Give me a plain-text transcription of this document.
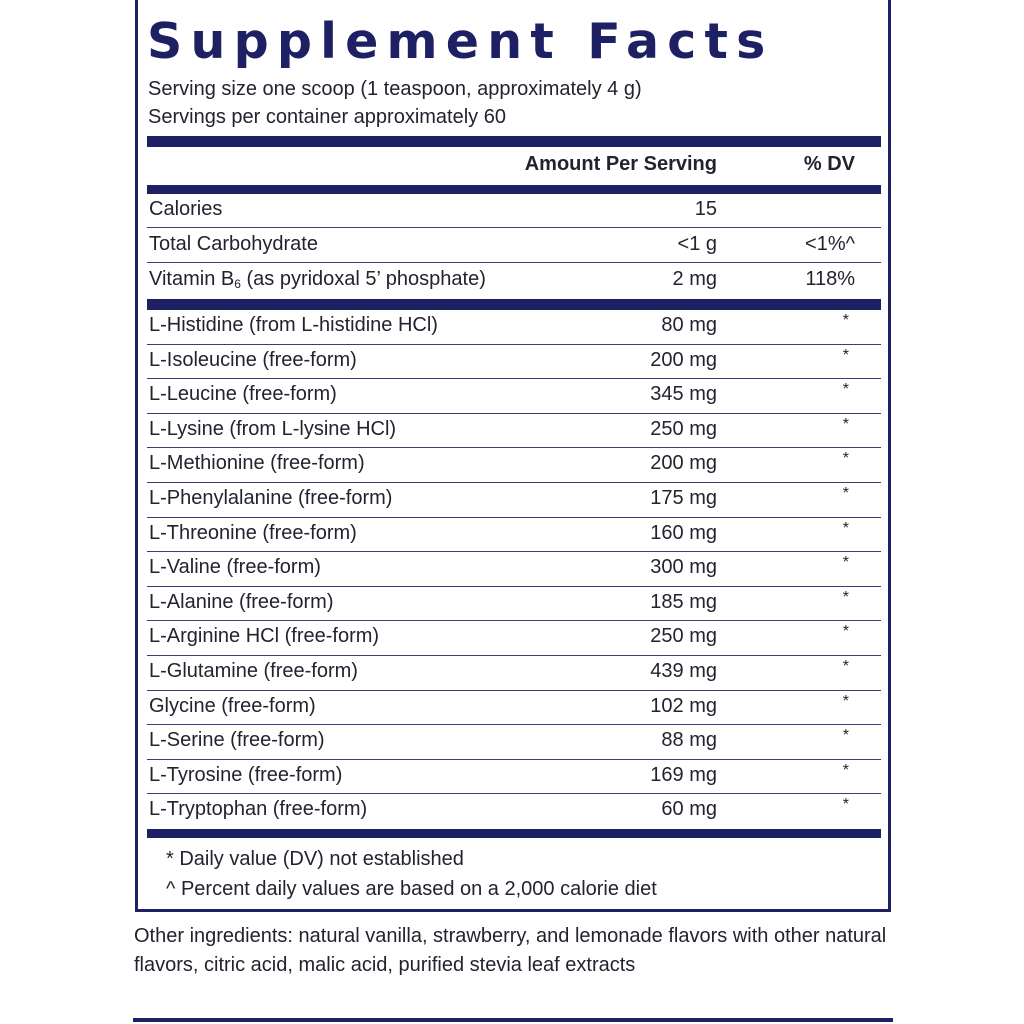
Supplement Facts
Serving size one scoop (1 teaspoon, approximately 4 g)
Servings per container approximately 60
Amount Per Serving	% DV
Calories	15
Total Carbohydrate	<1 g	<1%^
Vitamin $B_6$ (as pyridoxal 5’ phosphate)	2 mg	118%
L-Histidine (from L-histidine HCl)	80 mg	*
L-Isoleucine (free-form)	200 mg	*
L-Leucine (free-form)	345 mg	*
L-Lysine (from L-lysine HCl)	250 mg	*
L-Methionine (free-form)	200 mg	*
L-Phenylalanine (free-form)	175 mg	*
L-Threonine (free-form)	160 mg	*
L-Valine (free-form)	300 mg	*
L-Alanine (free-form)	185 mg	*
L-Arginine HCl (free-form)	250 mg	*
L-Glutamine (free-form)	439 mg	*
Glycine (free-form)	102 mg	*
L-Serine (free-form)	88 mg	*
L-Tyrosine (free-form)	169 mg	*
L-Tryptophan (free-form)	60 mg	*
* Daily value (DV) not established
^ Percent daily values are based on a 2,000 calorie diet
Other ingredients: natural vanilla, strawberry, and lemonade flavors with other natural flavors, citric acid, malic acid, purified stevia leaf extracts
